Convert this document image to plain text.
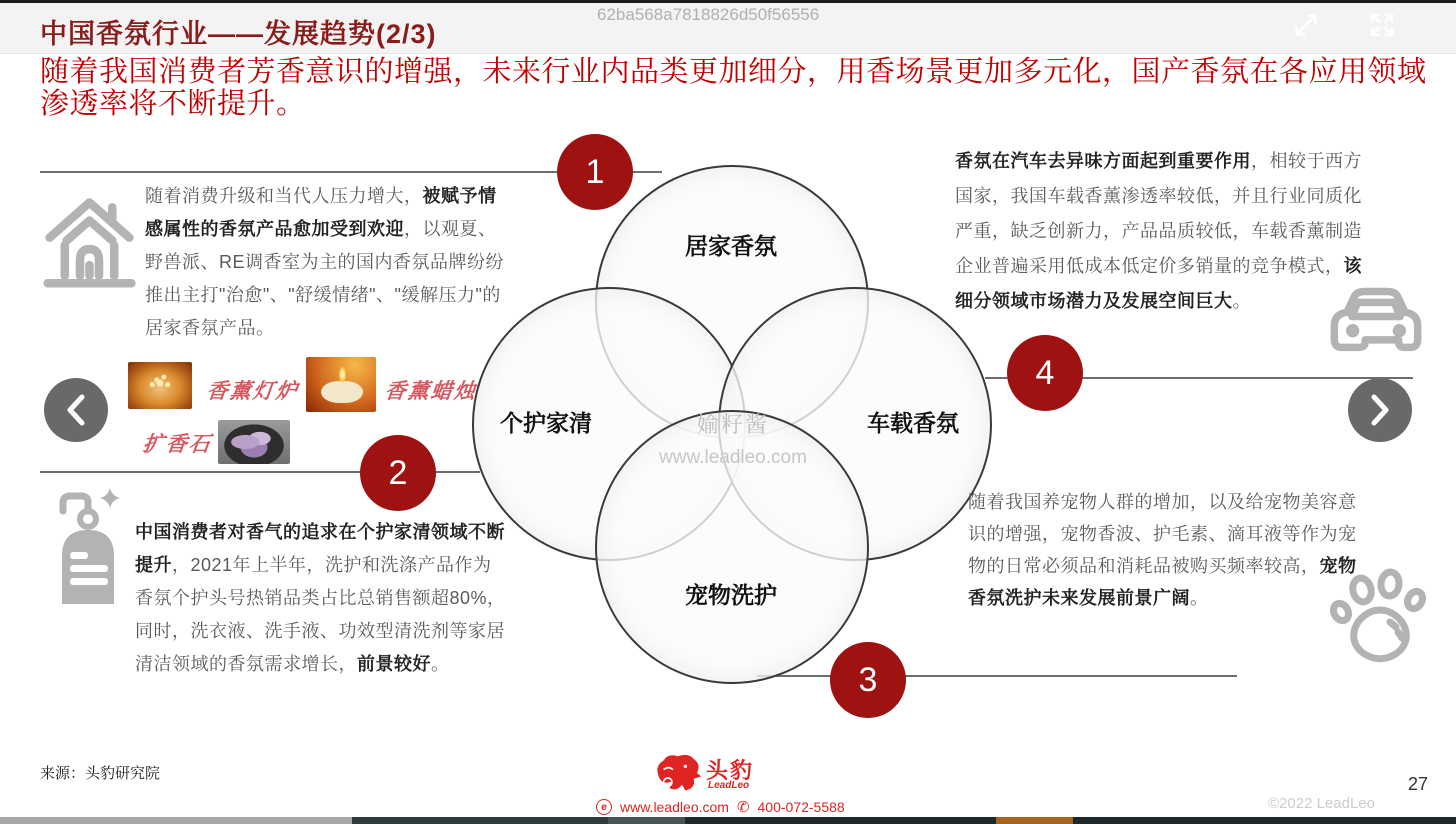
中国香氛行业——发展趋势(2/3)
62ba568a7818826d50f56556
随着我国消费者芳香意识的增强，未来行业内品类更加细分，用香场景更加多元化，国产香氛在各应用领域渗透率将不断提升。
居家香氛
个护家清	车载香氛
宠物洗护
媮籽酱
www.leadleo.com
1
2
3
4

随着消费升级和当代人压力增大，被赋予情感属性的香氛产品愈加受到欢迎，以观夏、野兽派、RE调香室为主的国内香氛品牌纷纷推出主打"治愈"、"舒缓情绪"、"缓解压力"的居家香氛产品。

香氛在汽车去异味方面起到重要作用，相较于西方国家，我国车载香薰渗透率较低，并且行业同质化严重，缺乏创新力，产品品质较低，车载香薰制造企业普遍采用低成本低定价多销量的竞争模式，该细分领域市场潜力及发展空间巨大。

中国消费者对香气的追求在个护家清领域不断提升，2021年上半年，洗护和洗涤产品作为香氛个护头号热销品类占比总销售额超80%，同时，洗衣液、洗手液、功效型清洗剂等家居清洁领域的香氛需求增长，前景较好。

随着我国养宠物人群的增加，以及给宠物美容意识的增强，宠物香波、护毛素、滴耳液等作为宠物的日常必须品和消耗品被购买频率较高，宠物香氛洗护未来发展前景广阔。

香薰灯炉	香薰蜡烛
扩香石
来源：头豹研究院	头豹
LeadLeo
e www.leadleo.com ✆ 400-072-5588
27
©2022 LeadLeo
